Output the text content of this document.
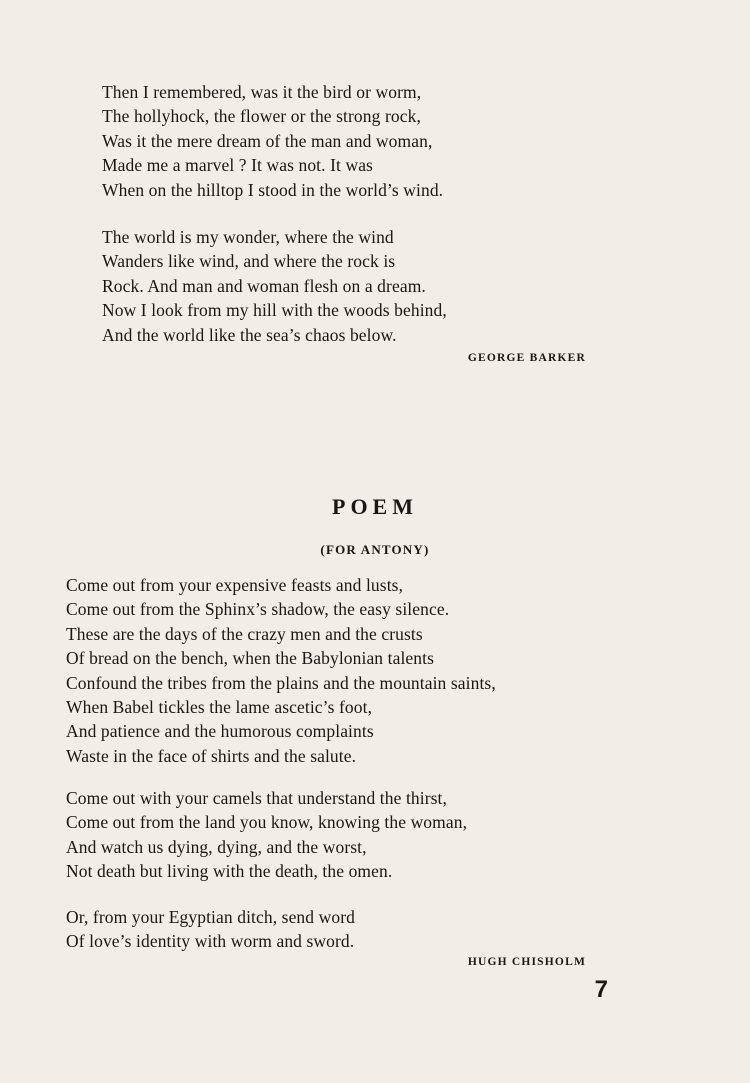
Then I remembered, was it the bird or worm,
The hollyhock, the flower or the strong rock,
Was it the mere dream of the man and woman,
Made me a marvel ? It was not. It was
When on the hilltop I stood in the world’s wind.
The world is my wonder, where the wind
Wanders like wind, and where the rock is
Rock. And man and woman flesh on a dream.
Now I look from my hill with the woods behind,
And the world like the sea’s chaos below.
GEORGE BARKER
POEM
(FOR ANTONY)
Come out from your expensive feasts and lusts,
Come out from the Sphinx’s shadow, the easy silence.
These are the days of the crazy men and the crusts
Of bread on the bench, when the Babylonian talents
Confound the tribes from the plains and the mountain saints,
When Babel tickles the lame ascetic’s foot,
And patience and the humorous complaints
Waste in the face of shirts and the salute.
Come out with your camels that understand the thirst,
Come out from the land you know, knowing the woman,
And watch us dying, dying, and the worst,
Not death but living with the death, the omen.
Or, from your Egyptian ditch, send word
Of love’s identity with worm and sword.
HUGH CHISHOLM
7
